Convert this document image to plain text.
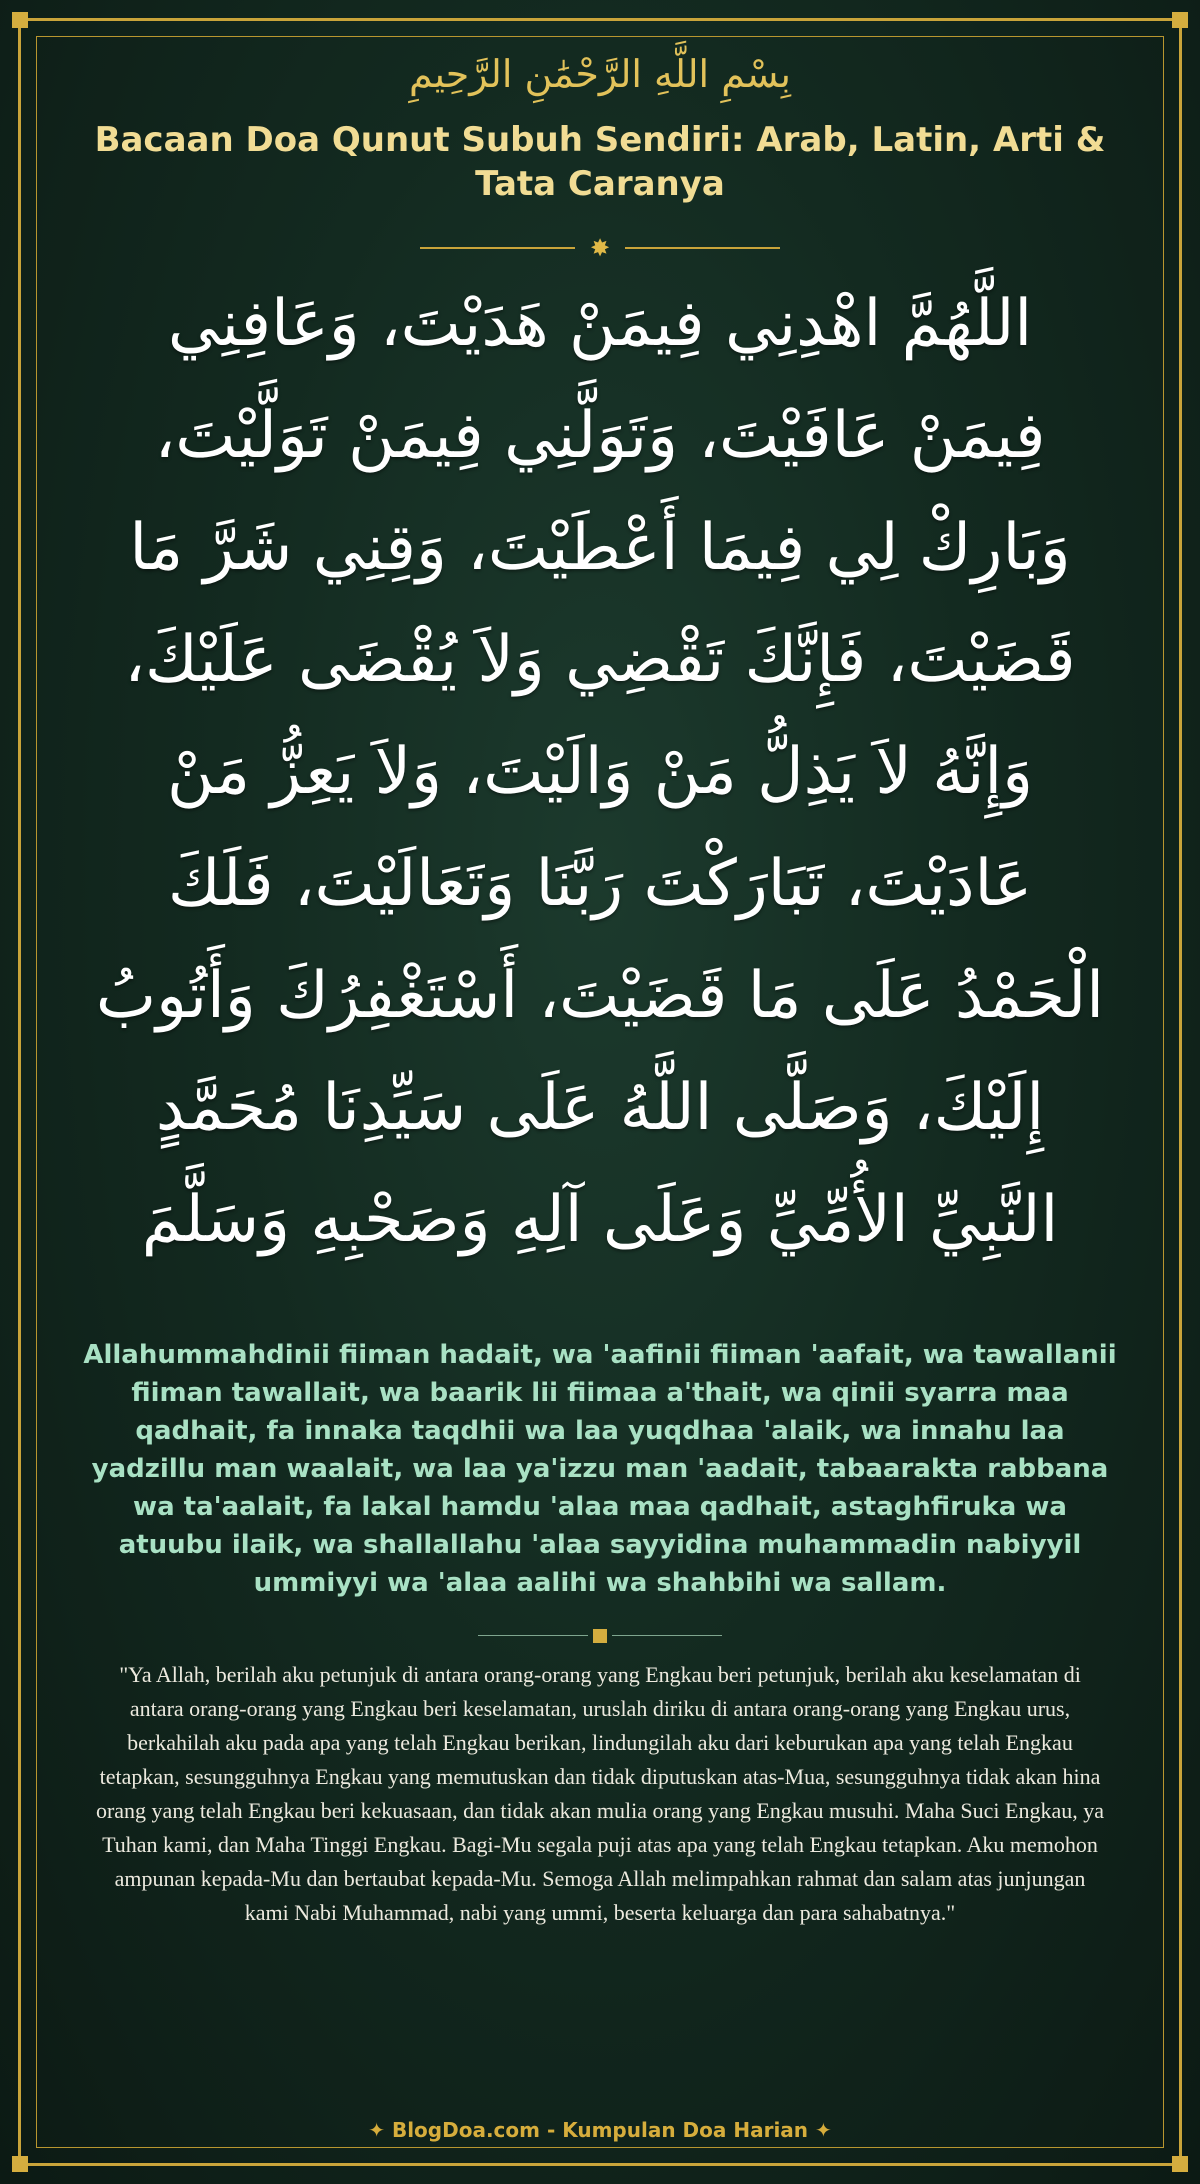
بِسْمِ اللَّهِ الرَّحْمَٰنِ الرَّحِيمِ
Bacaan Doa Qunut Subuh Sendiri: Arab, Latin, Arti & Tata Caranya
✸
اللَّهُمَّ اهْدِنِي فِيمَنْ هَدَيْتَ، وَعَافِنِي فِيمَنْ عَافَيْتَ، وَتَوَلَّنِي فِيمَنْ تَوَلَّيْتَ، وَبَارِكْ لِي فِيمَا أَعْطَيْتَ، وَقِنِي شَرَّ مَا قَضَيْتَ، فَإِنَّكَ تَقْضِي وَلاَ يُقْضَى عَلَيْكَ، وَإِنَّهُ لاَ يَذِلُّ مَنْ وَالَيْتَ، وَلاَ يَعِزُّ مَنْ عَادَيْتَ، تَبَارَكْتَ رَبَّنَا وَتَعَالَيْتَ، فَلَكَ الْحَمْدُ عَلَى مَا قَضَيْتَ، أَسْتَغْفِرُكَ وَأَتُوبُ إِلَيْكَ، وَصَلَّى اللَّهُ عَلَى سَيِّدِنَا مُحَمَّدٍ النَّبِيِّ الأُمِّيِّ وَعَلَى آلِهِ وَصَحْبِهِ وَسَلَّمَ
Allahummahdinii fiiman hadait, wa 'aafinii fiiman 'aafait, wa tawallanii fiiman tawallait, wa baarik lii fiimaa a'thait, wa qinii syarra maa qadhait, fa innaka taqdhii wa laa yuqdhaa 'alaik, wa innahu laa yadzillu man waalait, wa laa ya'izzu man 'aadait, tabaarakta rabbana wa ta'aalait, fa lakal hamdu 'alaa maa qadhait, astaghfiruka wa atuubu ilaik, wa shallallahu 'alaa sayyidina muhammadin nabiyyil ummiyyi wa 'alaa aalihi wa shahbihi wa sallam.
"Ya Allah, berilah aku petunjuk di antara orang-orang yang Engkau beri petunjuk, berilah aku keselamatan di antara orang-orang yang Engkau beri keselamatan, uruslah diriku di antara orang-orang yang Engkau urus, berkahilah aku pada apa yang telah Engkau berikan, lindungilah aku dari keburukan apa yang telah Engkau tetapkan, sesungguhnya Engkau yang memutuskan dan tidak diputuskan atas-Mua, sesungguhnya tidak akan hina orang yang telah Engkau beri kekuasaan, dan tidak akan mulia orang yang Engkau musuhi. Maha Suci Engkau, ya Tuhan kami, dan Maha Tinggi Engkau. Bagi-Mu segala puji atas apa yang telah Engkau tetapkan. Aku memohon ampunan kepada-Mu dan bertaubat kepada-Mu. Semoga Allah melimpahkan rahmat dan salam atas junjungan kami Nabi Muhammad, nabi yang ummi, beserta keluarga dan para sahabatnya."
✦ BlogDoa.com - Kumpulan Doa Harian ✦
